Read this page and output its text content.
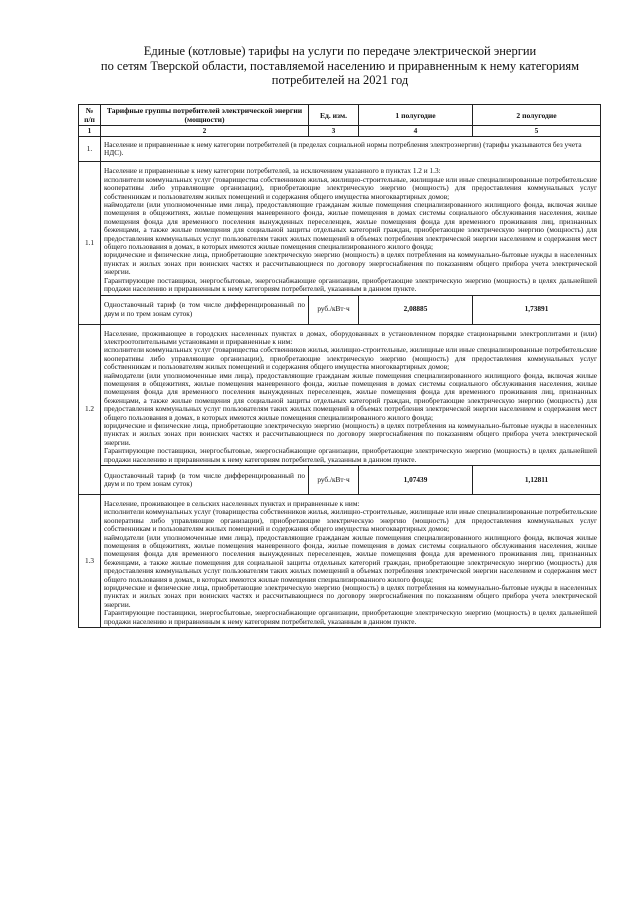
Единые (котловые) тарифы на услуги по передаче электрической энергии
по сетям Тверской области, поставляемой населению и приравненным к нему категориям
потребителей на 2021 год
№ п/п	Тарифные группы потребителей электрической энергии (мощности)	Ед. изм.	1 полугодие	2 полугодие
1	2	3	4	5
1.	Население и приравненные к нему категории потребителей (в пределах социальной нормы потребления электроэнергии) (тарифы указываются без учета НДС).			
1.1	Население и приравненные к нему категории потребителей, за исключением указанного в пунктах 1.2 и 1.3:

исполнители коммунальных услуг (товарищества собственников жилья, жилищно-строительные, жилищные или иные специализированные потребительские кооперативы либо управляющие организации), приобретающие электрическую энергию (мощность) для предоставления коммунальных услуг собственникам и пользователям жилых помещений и содержания общего имущества многоквартирных домов;

наймодатели (или уполномоченные ими лица), предоставляющие гражданам жилые помещения специализированного жилищного фонда, включая жилые помещения в общежитиях, жилые помещения маневренного фонда, жилые помещения в домах системы социального обслуживания населения, жилые помещения фонда для временного поселения вынужденных переселенцев, жилые помещения фонда для временного проживания лиц, признанных беженцами, а также жилые помещения для социальной защиты отдельных категорий граждан, приобретающие электрическую энергию (мощность) для предоставления коммунальных услуг пользователям таких жилых помещений в объемах потребления электрической энергии населением и содержания мест общего пользования в домах, в которых имеются жилые помещения специализированного жилого фонда;

юридические и физические лица, приобретающие электрическую энергию (мощность) в целях потребления на коммунально-бытовые нужды в населенных пунктах и жилых зонах при воинских частях и рассчитывающиеся по договору энергоснабжения по показаниям общего прибора учета электрической энергии.

Гарантирующие поставщики, энергосбытовые, энергоснабжающие организации, приобретающие электрическую энергию (мощность) в целях дальнейшей продажи населению и приравненным к нему категориям потребителей, указанным в данном пункте.			

	Одноставочный тариф (в том числе дифференцированный по двум и по трем зонам суток)	руб./кВт·ч	2,08885	1,73891
1.2	Население, проживающее в городских населенных пунктах в домах, оборудованных в установленном порядке стационарными электроплитами и (или) электроотопительными установками и приравненные к ним:

исполнители коммунальных услуг (товарищества собственников жилья, жилищно-строительные, жилищные или иные специализированные потребительские кооперативы либо управляющие организации), приобретающие электрическую энергию (мощность) для предоставления коммунальных услуг собственникам и пользователям жилых помещений и содержания общего имущества многоквартирных домов;

наймодатели (или уполномоченные ими лица), предоставляющие гражданам жилые помещения специализированного жилищного фонда, включая жилые помещения в общежитиях, жилые помещения маневренного фонда, жилые помещения в домах системы социального обслуживания населения, жилые помещения фонда для временного поселения вынужденных переселенцев, жилые помещения фонда для временного проживания лиц, признанных беженцами, а также жилые помещения для социальной защиты отдельных категорий граждан, приобретающие электрическую энергию (мощность) для предоставления коммунальных услуг пользователям таких жилых помещений в объемах потребления электрической энергии населением и содержания мест общего пользования в домах, в которых имеются жилые помещения специализированного жилого фонда;

юридические и физические лица, приобретающие электрическую энергию (мощность) в целях потребления на коммунально-бытовые нужды в населенных пунктах и жилых зонах при воинских частях и рассчитывающиеся по договору энергоснабжения по показаниям общего прибора учета электрической энергии.

Гарантирующие поставщики, энергосбытовые, энергоснабжающие организации, приобретающие электрическую энергию (мощность) в целях дальнейшей продажи населению и приравненным к нему категориям потребителей, указанным в данном пункте.			

	Одноставочный тариф (в том числе дифференцированный по двум и по трем зонам суток)	руб./кВт·ч	1,07439	1,12811
1.3	Население, проживающее в сельских населенных пунктах и приравненные к ним:

исполнители коммунальных услуг (товарищества собственников жилья, жилищно-строительные, жилищные или иные специализированные потребительские кооперативы либо управляющие организации), приобретающие электрическую энергию (мощность) для предоставления коммунальных услуг собственникам и пользователям жилых помещений и содержания общего имущества многоквартирных домов;

наймодатели (или уполномоченные ими лица), предоставляющие гражданам жилые помещения специализированного жилищного фонда, включая жилые помещения в общежитиях, жилые помещения маневренного фонда, жилые помещения в домах системы социального обслуживания населения, жилые помещения фонда для временного поселения вынужденных переселенцев, жилые помещения фонда для временного проживания лиц, признанных беженцами, а также жилые помещения для социальной защиты отдельных категорий граждан, приобретающие электрическую энергию (мощность) для предоставления коммунальных услуг пользователям таких жилых помещений в объемах потребления электрической энергии населением и содержания мест общего пользования в домах, в которых имеются жилые помещения специализированного жилого фонда;

юридические и физические лица, приобретающие электрическую энергию (мощность) в целях потребления на коммунально-бытовые нужды в населенных пунктах и жилых зонах при воинских частях и рассчитывающиеся по договору энергоснабжения по показаниям общего прибора учета электрической энергии.

Гарантирующие поставщики, энергосбытовые, энергоснабжающие организации, приобретающие электрическую энергию (мощность) в целях дальнейшей продажи населению и приравненным к нему категориям потребителей, указанным в данном пункте.			
